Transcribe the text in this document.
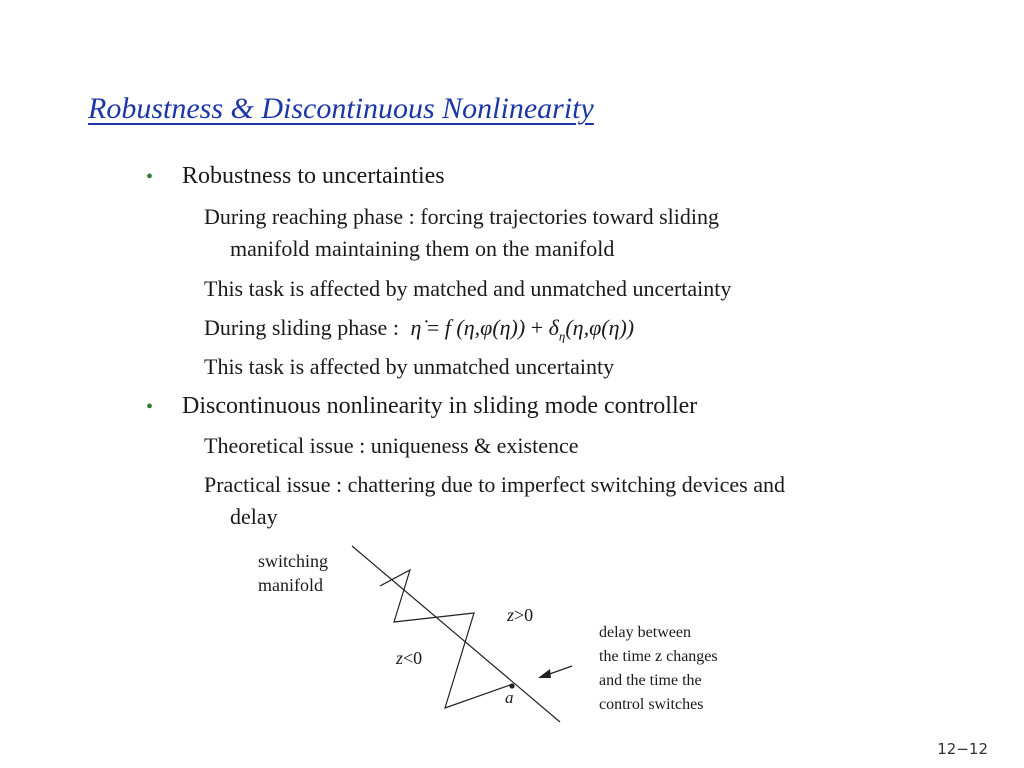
Robustness & Discontinuous Nonlinearity
• Robustness to uncertainties
During reaching phase : forcing trajectories toward sliding
manifold maintaining them on the manifold
This task is affected by matched and unmatched uncertainty
During sliding phase : η̇ = f $(\eta,\varphi(\eta)) + \delta_\eta(\eta,\varphi(\eta))$
This task is affected by unmatched uncertainty
• Discontinuous nonlinearity in sliding mode controller
Theoretical issue : uniqueness & existence
Practical issue : chattering due to imperfect switching devices and
delay
switching
manifold
z>0
z<0
a
delay between
the time z changes
and the time the
control switches
12−12
